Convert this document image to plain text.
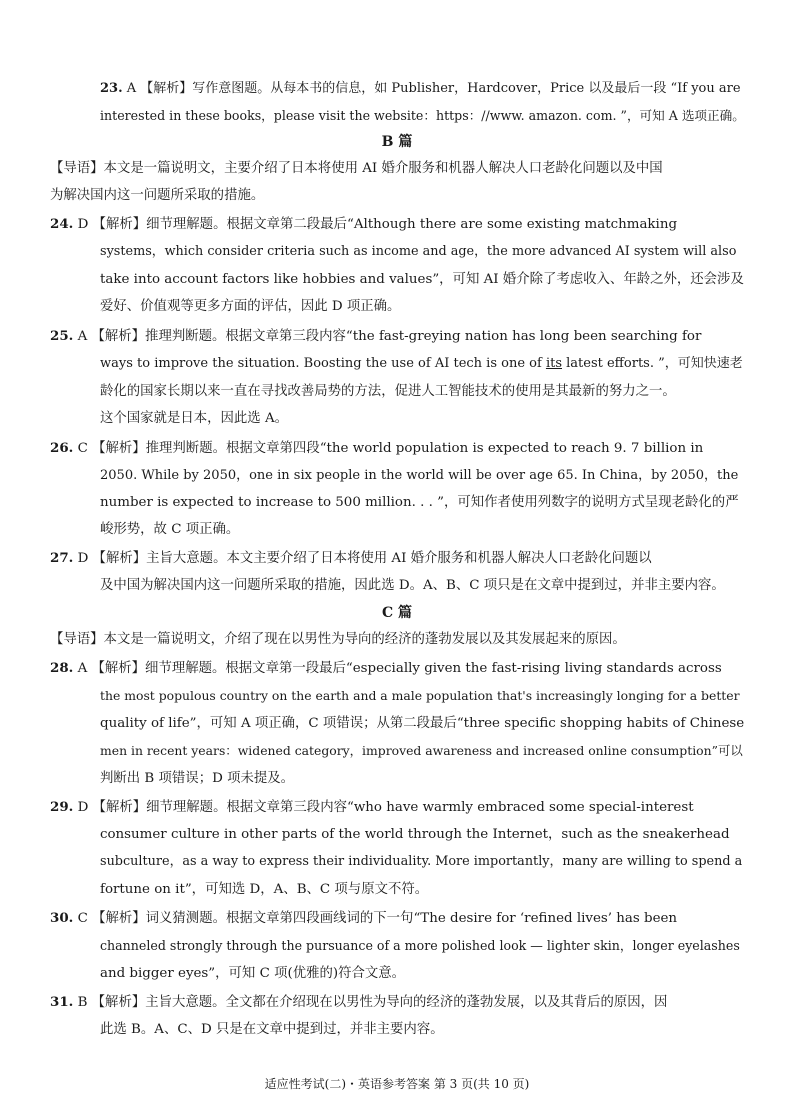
23. A 【解析】写作意图题。从每本书的信息，如 Publisher，Hardcover，Price 以及最后一段 “If you are
interested in these books，please visit the website：https：//www. amazon. com. ”，可知 A 选项正确。
B 篇
【导语】本文是一篇说明文，主要介绍了日本将使用 AI 婚介服务和机器人解决人口老龄化问题以及中国
为解决国内这一问题所采取的措施。
24. D 【解析】细节理解题。根据文章第二段最后“Although there are some existing matchmaking
systems，which consider criteria such as income and age，the more advanced AI system will also
take into account factors like hobbies and values”，可知 AI 婚介除了考虑收入、年龄之外，还会涉及
爱好、价值观等更多方面的评估，因此 D 项正确。
25. A 【解析】推理判断题。根据文章第三段内容“the fast-greying nation has long been searching for
ways to improve the situation. Boosting the use of AI tech is one of its latest efforts. ”，可知快速老
龄化的国家长期以来一直在寻找改善局势的方法，促进人工智能技术的使用是其最新的努力之一。
这个国家就是日本，因此选 A。
26. C 【解析】推理判断题。根据文章第四段“the world population is expected to reach 9. 7 billion in
2050. While by 2050，one in six people in the world will be over age 65. In China，by 2050，the
number is expected to increase to 500 million. . . ”，可知作者使用列数字的说明方式呈现老龄化的严
峻形势，故 C 项正确。
27. D 【解析】主旨大意题。本文主要介绍了日本将使用 AI 婚介服务和机器人解决人口老龄化问题以
及中国为解决国内这一问题所采取的措施，因此选 D。A、B、C 项只是在文章中提到过，并非主要内容。
C 篇
【导语】本文是一篇说明文，介绍了现在以男性为导向的经济的蓬勃发展以及其发展起来的原因。
28. A 【解析】细节理解题。根据文章第一段最后“especially given the fast-rising living standards across
the most populous country on the earth and a male population that's increasingly longing for a better
quality of life”，可知 A 项正确，C 项错误；从第二段最后“three specific shopping habits of Chinese
men in recent years：widened category，improved awareness and increased online consumption”可以
判断出 B 项错误；D 项未提及。
29. D 【解析】细节理解题。根据文章第三段内容“who have warmly embraced some special-interest
consumer culture in other parts of the world through the Internet，such as the sneakerhead
subculture，as a way to express their individuality. More importantly，many are willing to spend a
fortune on it”，可知选 D，A、B、C 项与原文不符。
30. C 【解析】词义猜测题。根据文章第四段画线词的下一句“The desire for ‘refined lives’ has been
channeled strongly through the pursuance of a more polished look — lighter skin，longer eyelashes
and bigger eyes”，可知 C 项(优雅的)符合文意。
31. B 【解析】主旨大意题。全文都在介绍现在以男性为导向的经济的蓬勃发展，以及其背后的原因，因
此选 B。A、C、D 只是在文章中提到过，并非主要内容。
适应性考试(二)・英语参考答案 第 3 页(共 10 页)
